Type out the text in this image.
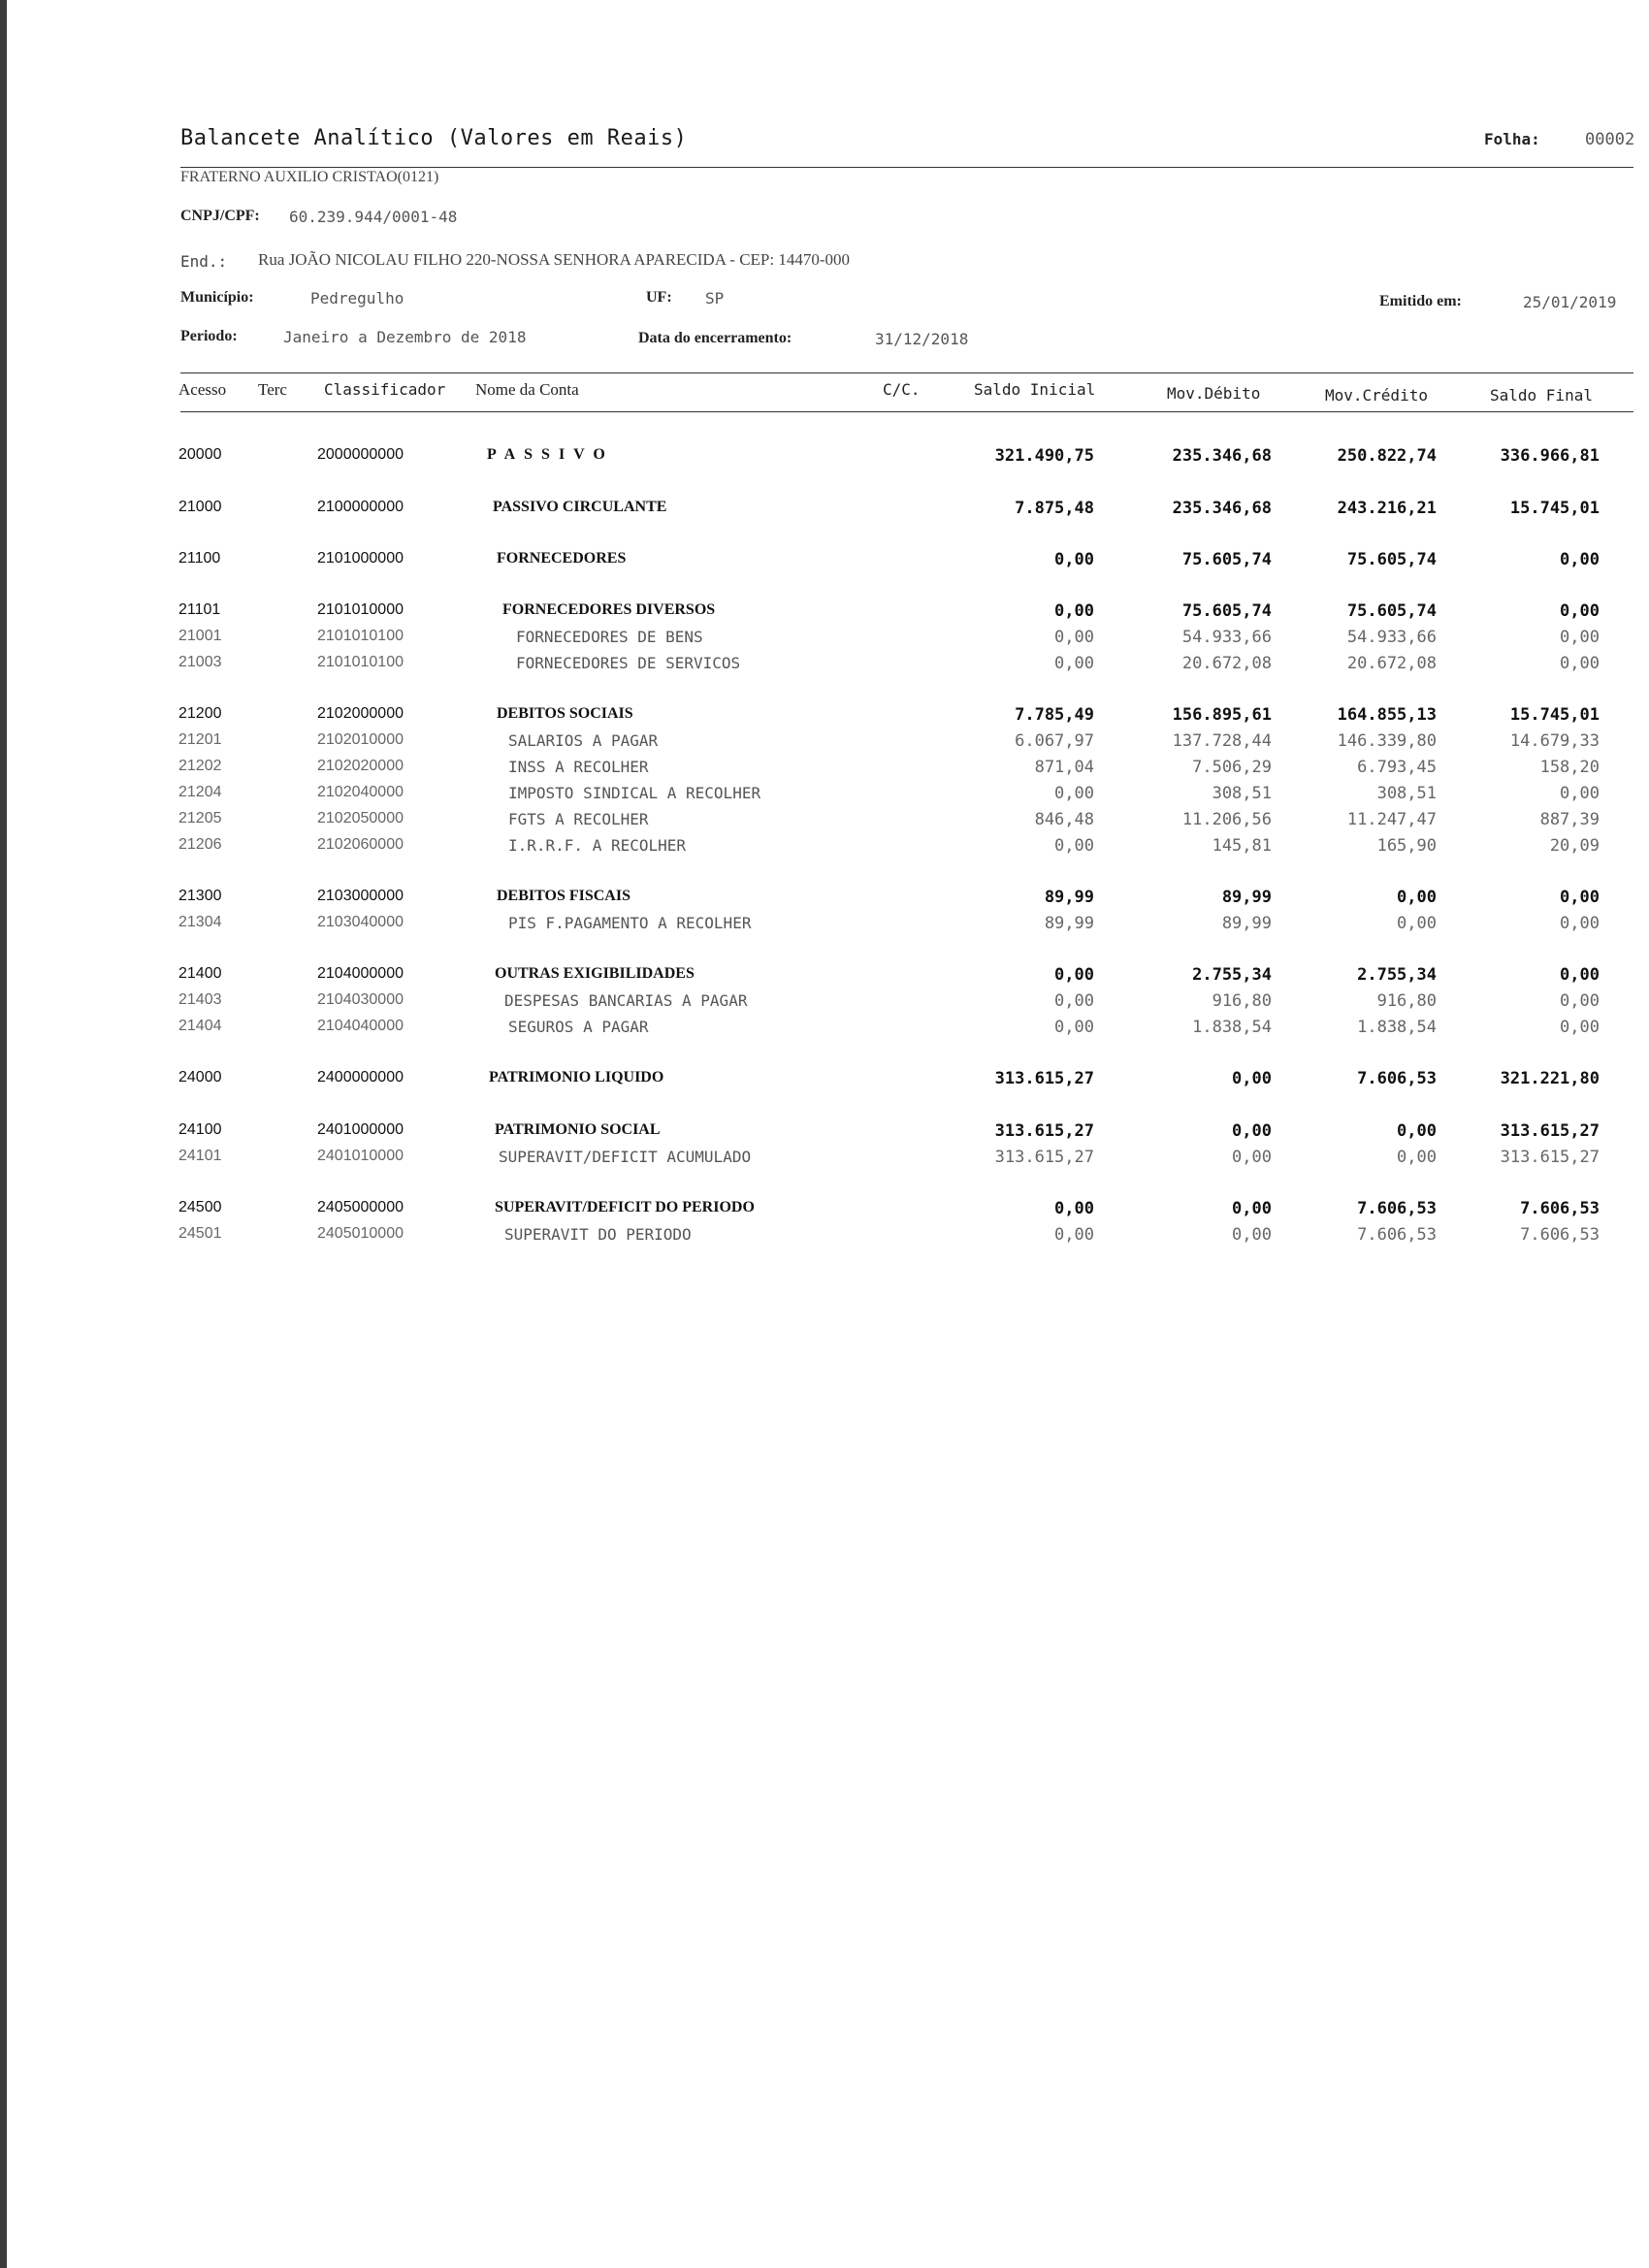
Balancete Analítico (Valores em Reais)	Folha:	00002
FRATERNO AUXILIO CRISTAO(0121)
CNPJ/CPF: 60.239.944/0001-48
End.: Rua JOÃO NICOLAU FILHO 220-NOSSA SENHORA APARECIDA - CEP: 14470-000
Município:	Pedregulho	UF: SP	Emitido em:	25/01/2019
Periodo:	Janeiro a Dezembro de 2018	Data do encerramento:	31/12/2018
Acesso Terc Classificador Nome da Conta	C/C.	Saldo Inicial	Mov.Débito	Mov.Crédito	Saldo Final
20000	2000000000	PASSIVO	321.490,75	235.346,68	250.822,74	336.966,81
21000	2100000000	PASSIVO CIRCULANTE	7.875,48	235.346,68	243.216,21	15.745,01
21100	2101000000	FORNECEDORES	0,00	75.605,74	75.605,74	0,00
21101	2101010000	FORNECEDORES DIVERSOS	0,00	75.605,74	75.605,74	0,00
21001	2101010100	FORNECEDORES DE BENS	0,00	54.933,66	54.933,66	0,00
21003	2101010100	FORNECEDORES DE SERVICOS	0,00	20.672,08	20.672,08	0,00
21200	2102000000	DEBITOS SOCIAIS	7.785,49	156.895,61	164.855,13	15.745,01
21201	2102010000	SALARIOS A PAGAR	6.067,97	137.728,44	146.339,80	14.679,33
21202	2102020000	INSS A RECOLHER	871,04	7.506,29	6.793,45	158,20
21204	2102040000	IMPOSTO SINDICAL A RECOLHER	0,00	308,51	308,51	0,00
21205	2102050000	FGTS A RECOLHER	846,48	11.206,56	11.247,47	887,39
21206	2102060000	I.R.R.F. A RECOLHER	0,00	145,81	165,90	20,09
21300	2103000000	DEBITOS FISCAIS	89,99	89,99	0,00	0,00
21304	2103040000	PIS F.PAGAMENTO A RECOLHER	89,99	89,99	0,00	0,00
21400	2104000000	OUTRAS EXIGIBILIDADES	0,00	2.755,34	2.755,34	0,00
21403	2104030000	DESPESAS BANCARIAS A PAGAR	0,00	916,80	916,80	0,00
21404	2104040000	SEGUROS A PAGAR	0,00	1.838,54	1.838,54	0,00
24000	2400000000	PATRIMONIO LIQUIDO	313.615,27	0,00	7.606,53	321.221,80
24100	2401000000	PATRIMONIO SOCIAL	313.615,27	0,00	0,00	313.615,27
24101	2401010000	SUPERAVIT/DEFICIT ACUMULADO	313.615,27	0,00	0,00	313.615,27
24500	2405000000	SUPERAVIT/DEFICIT DO PERIODO	0,00	0,00	7.606,53	7.606,53
24501	2405010000	SUPERAVIT DO PERIODO	0,00	0,00	7.606,53	7.606,53
